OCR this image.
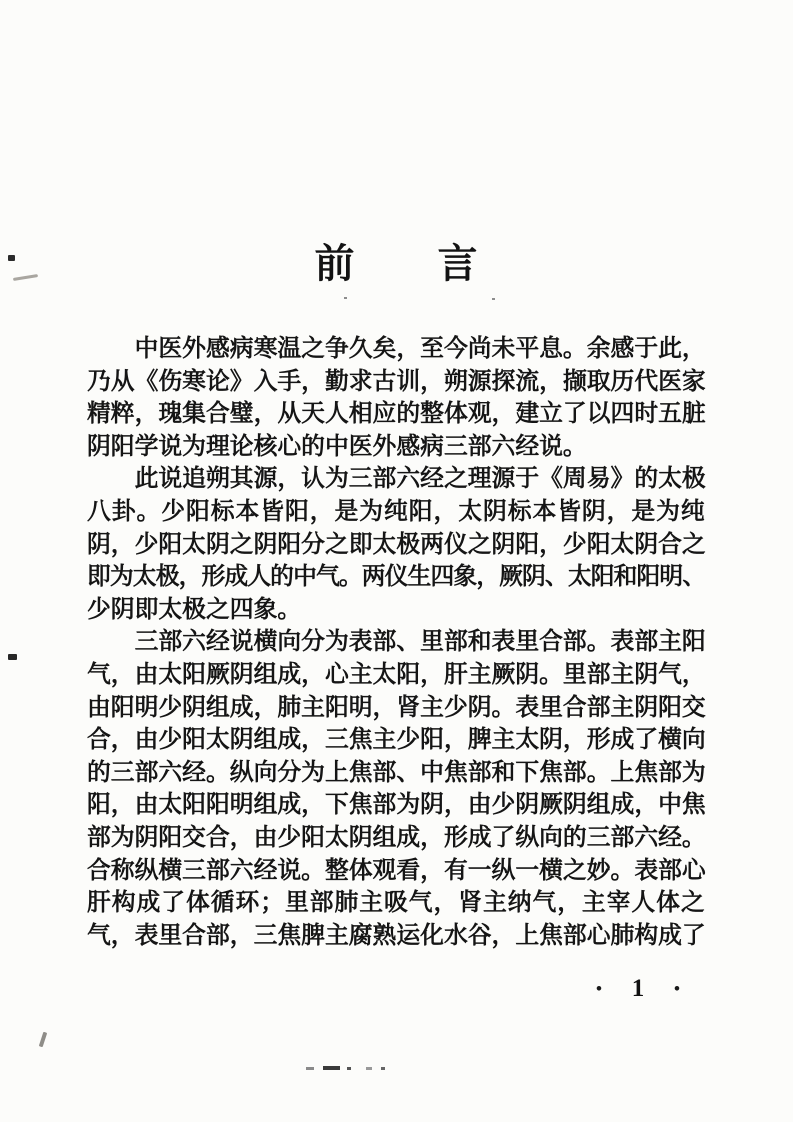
前　　言
　　中医外感病寒温之争久矣，至今尚未平息。余感于此，
乃从《伤寒论》入手，勤求古训，朔源探流，撷取历代医家
精粹，瑰集合璧，从天人相应的整体观，建立了以四时五脏
阴阳学说为理论核心的中医外感病三部六经说。
　　此说追朔其源，认为三部六经之理源于《周易》的太极
八卦。少阳标本皆阳，是为纯阳，太阴标本皆阴，是为纯
阴，少阳太阴之阴阳分之即太极两仪之阴阳，少阳太阴合之
即为太极，形成人的中气。两仪生四象，厥阴、太阳和阳明、
少阴即太极之四象。
　　三部六经说横向分为表部、里部和表里合部。表部主阳
气，由太阳厥阴组成，心主太阳，肝主厥阴。里部主阴气，
由阳明少阴组成，肺主阳明，肾主少阴。表里合部主阴阳交
合，由少阳太阴组成，三焦主少阳，脾主太阴，形成了横向
的三部六经。纵向分为上焦部、中焦部和下焦部。上焦部为
阳，由太阳阳明组成，下焦部为阴，由少阴厥阴组成，中焦
部为阴阳交合，由少阳太阴组成，形成了纵向的三部六经。
合称纵横三部六经说。整体观看，有一纵一横之妙。表部心
肝构成了体循环；里部肺主吸气，肾主纳气，主宰人体之
气，表里合部，三焦脾主腐熟运化水谷，上焦部心肺构成了
• 1 •
